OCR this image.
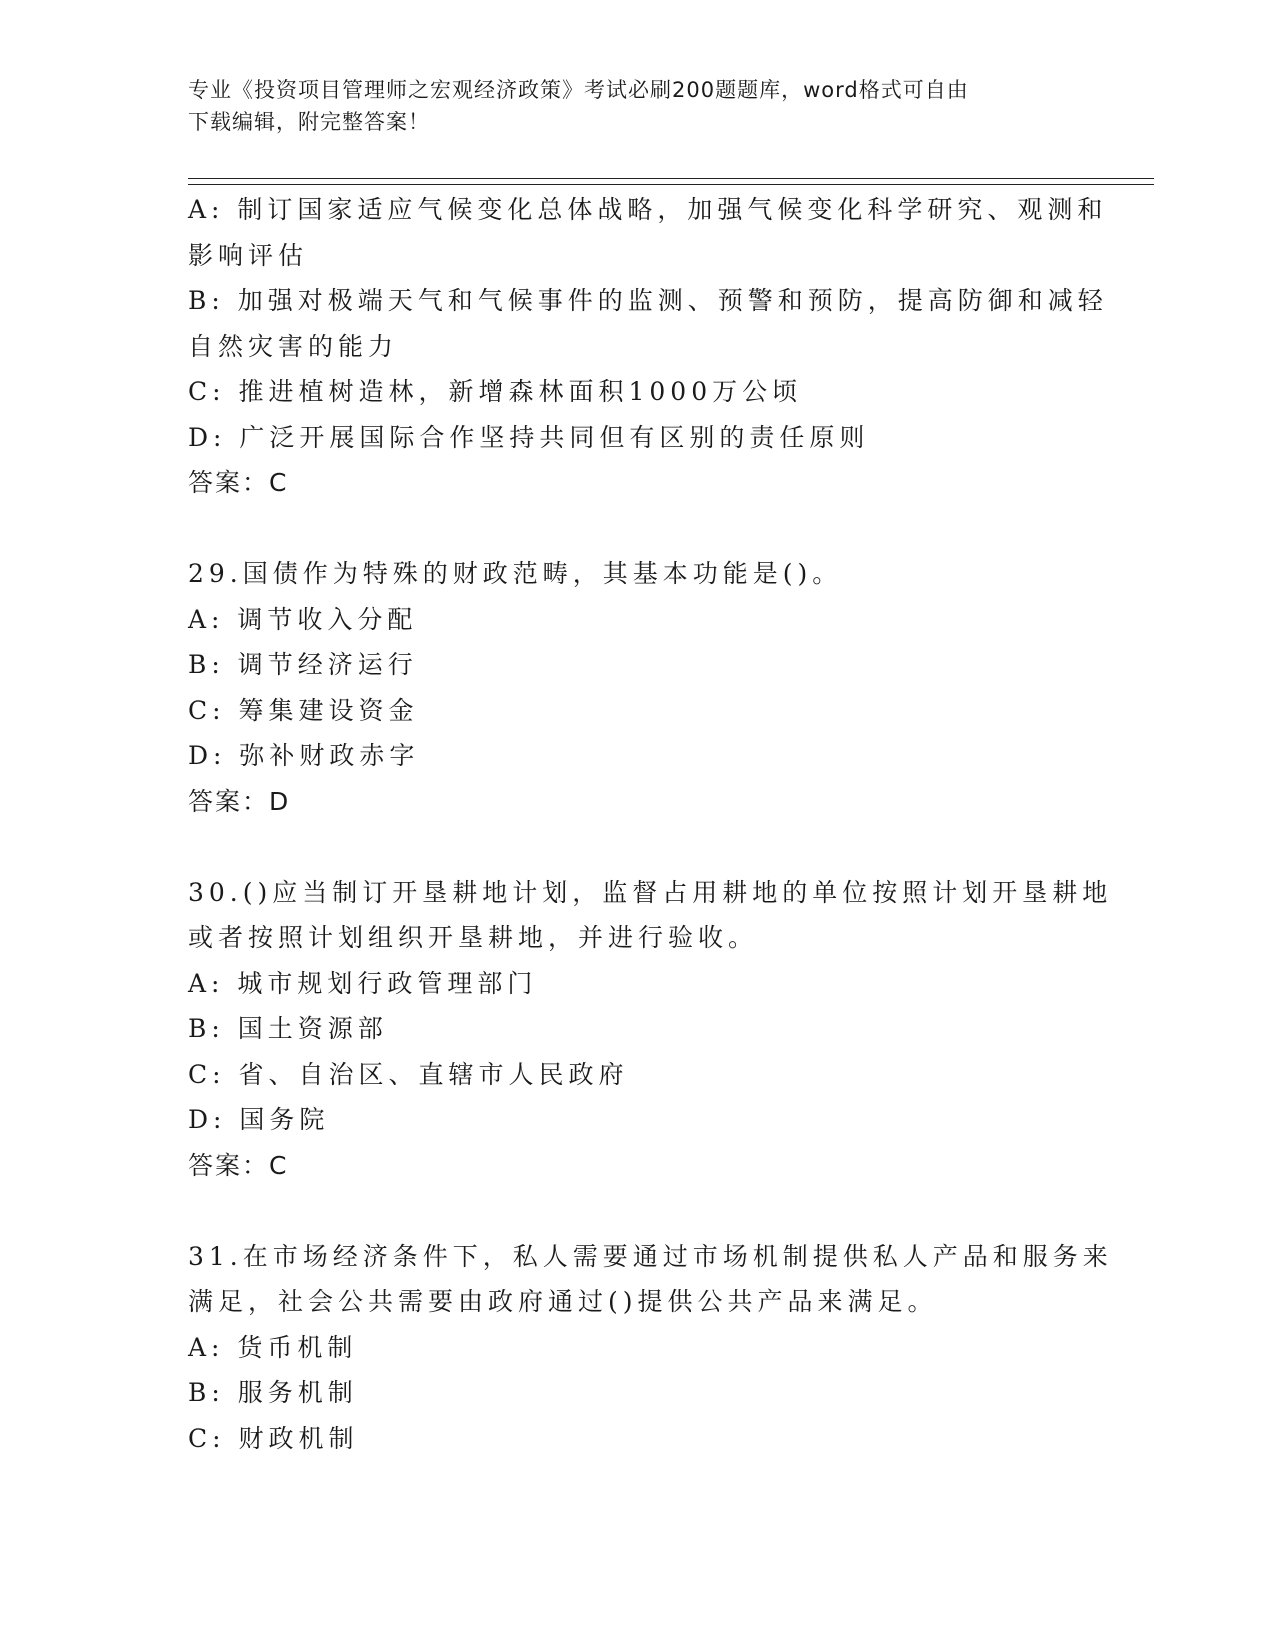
专业《投资项目管理师之宏观经济政策》考试必刷200题题库，word格式可自由
下载编辑，附完整答案！
A: 制订国家适应气候变化总体战略，加强气候变化科学研究、观测和
影响评估
B: 加强对极端天气和气候事件的监测、预警和预防，提高防御和减轻
自然灾害的能力
C: 推进植树造林，新增森林面积1000万公顷
D: 广泛开展国际合作坚持共同但有区别的责任原则
答案：C
29.国债作为特殊的财政范畴，其基本功能是()。
A: 调节收入分配
B: 调节经济运行
C: 筹集建设资金
D: 弥补财政赤字
答案：D
30.()应当制订开垦耕地计划，监督占用耕地的单位按照计划开垦耕地
或者按照计划组织开垦耕地，并进行验收。
A: 城市规划行政管理部门
B: 国土资源部
C: 省、自治区、直辖市人民政府
D: 国务院
答案：C
31.在市场经济条件下，私人需要通过市场机制提供私人产品和服务来
满足，社会公共需要由政府通过()提供公共产品来满足。
A: 货币机制
B: 服务机制
C: 财政机制
